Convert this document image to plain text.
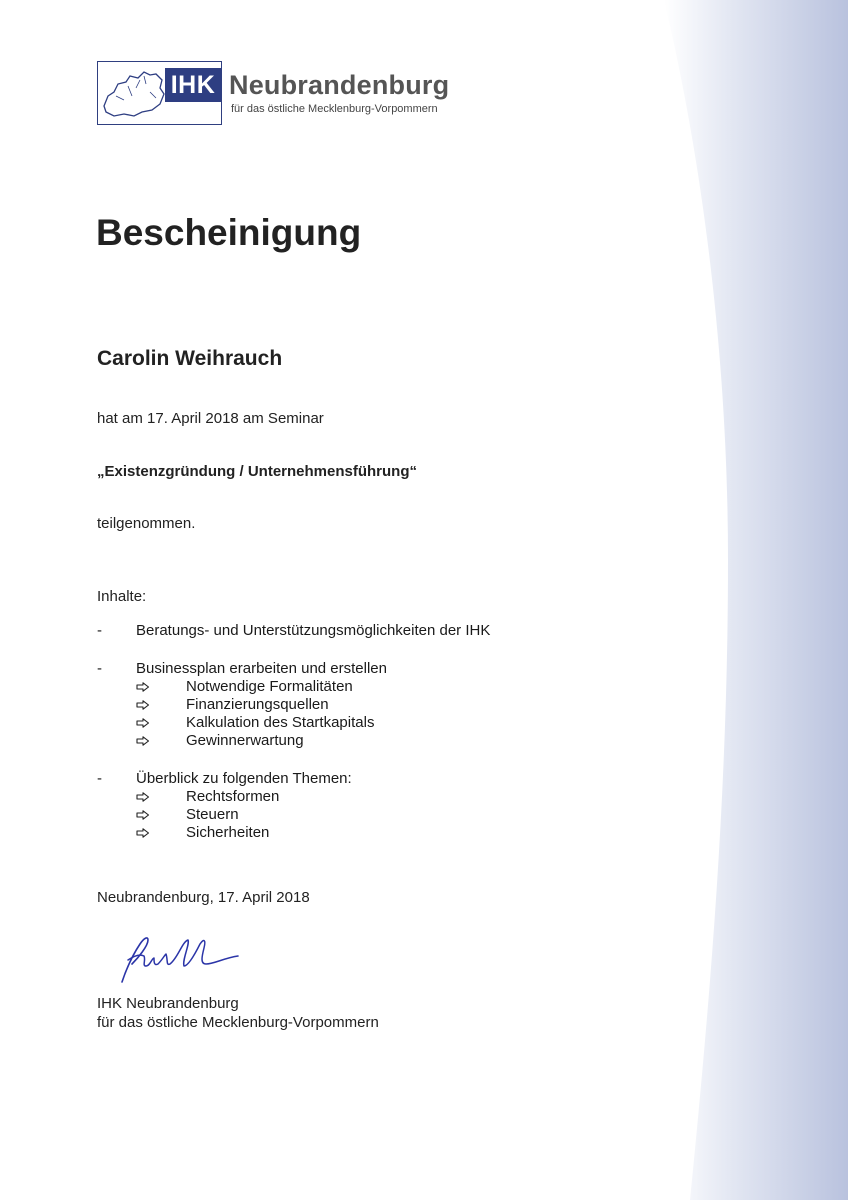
IHK Neubrandenburg
für das östliche Mecklenburg-Vorpommern
Bescheinigung
Carolin Weihrauch
hat am 17. April 2018 am Seminar
„Existenzgründung / Unternehmensführung“
teilgenommen.
Inhalte:
- Beratungs- und Unterstützungsmöglichkeiten der IHK
- Businessplan erarbeiten und erstellen
Notwendige Formalitäten
Finanzierungsquellen
Kalkulation des Startkapitals
Gewinnerwartung
- Überblick zu folgenden Themen:
Rechtsformen
Steuern
Sicherheiten
Neubrandenburg, 17. April 2018
IHK Neubrandenburg
für das östliche Mecklenburg-Vorpommern
